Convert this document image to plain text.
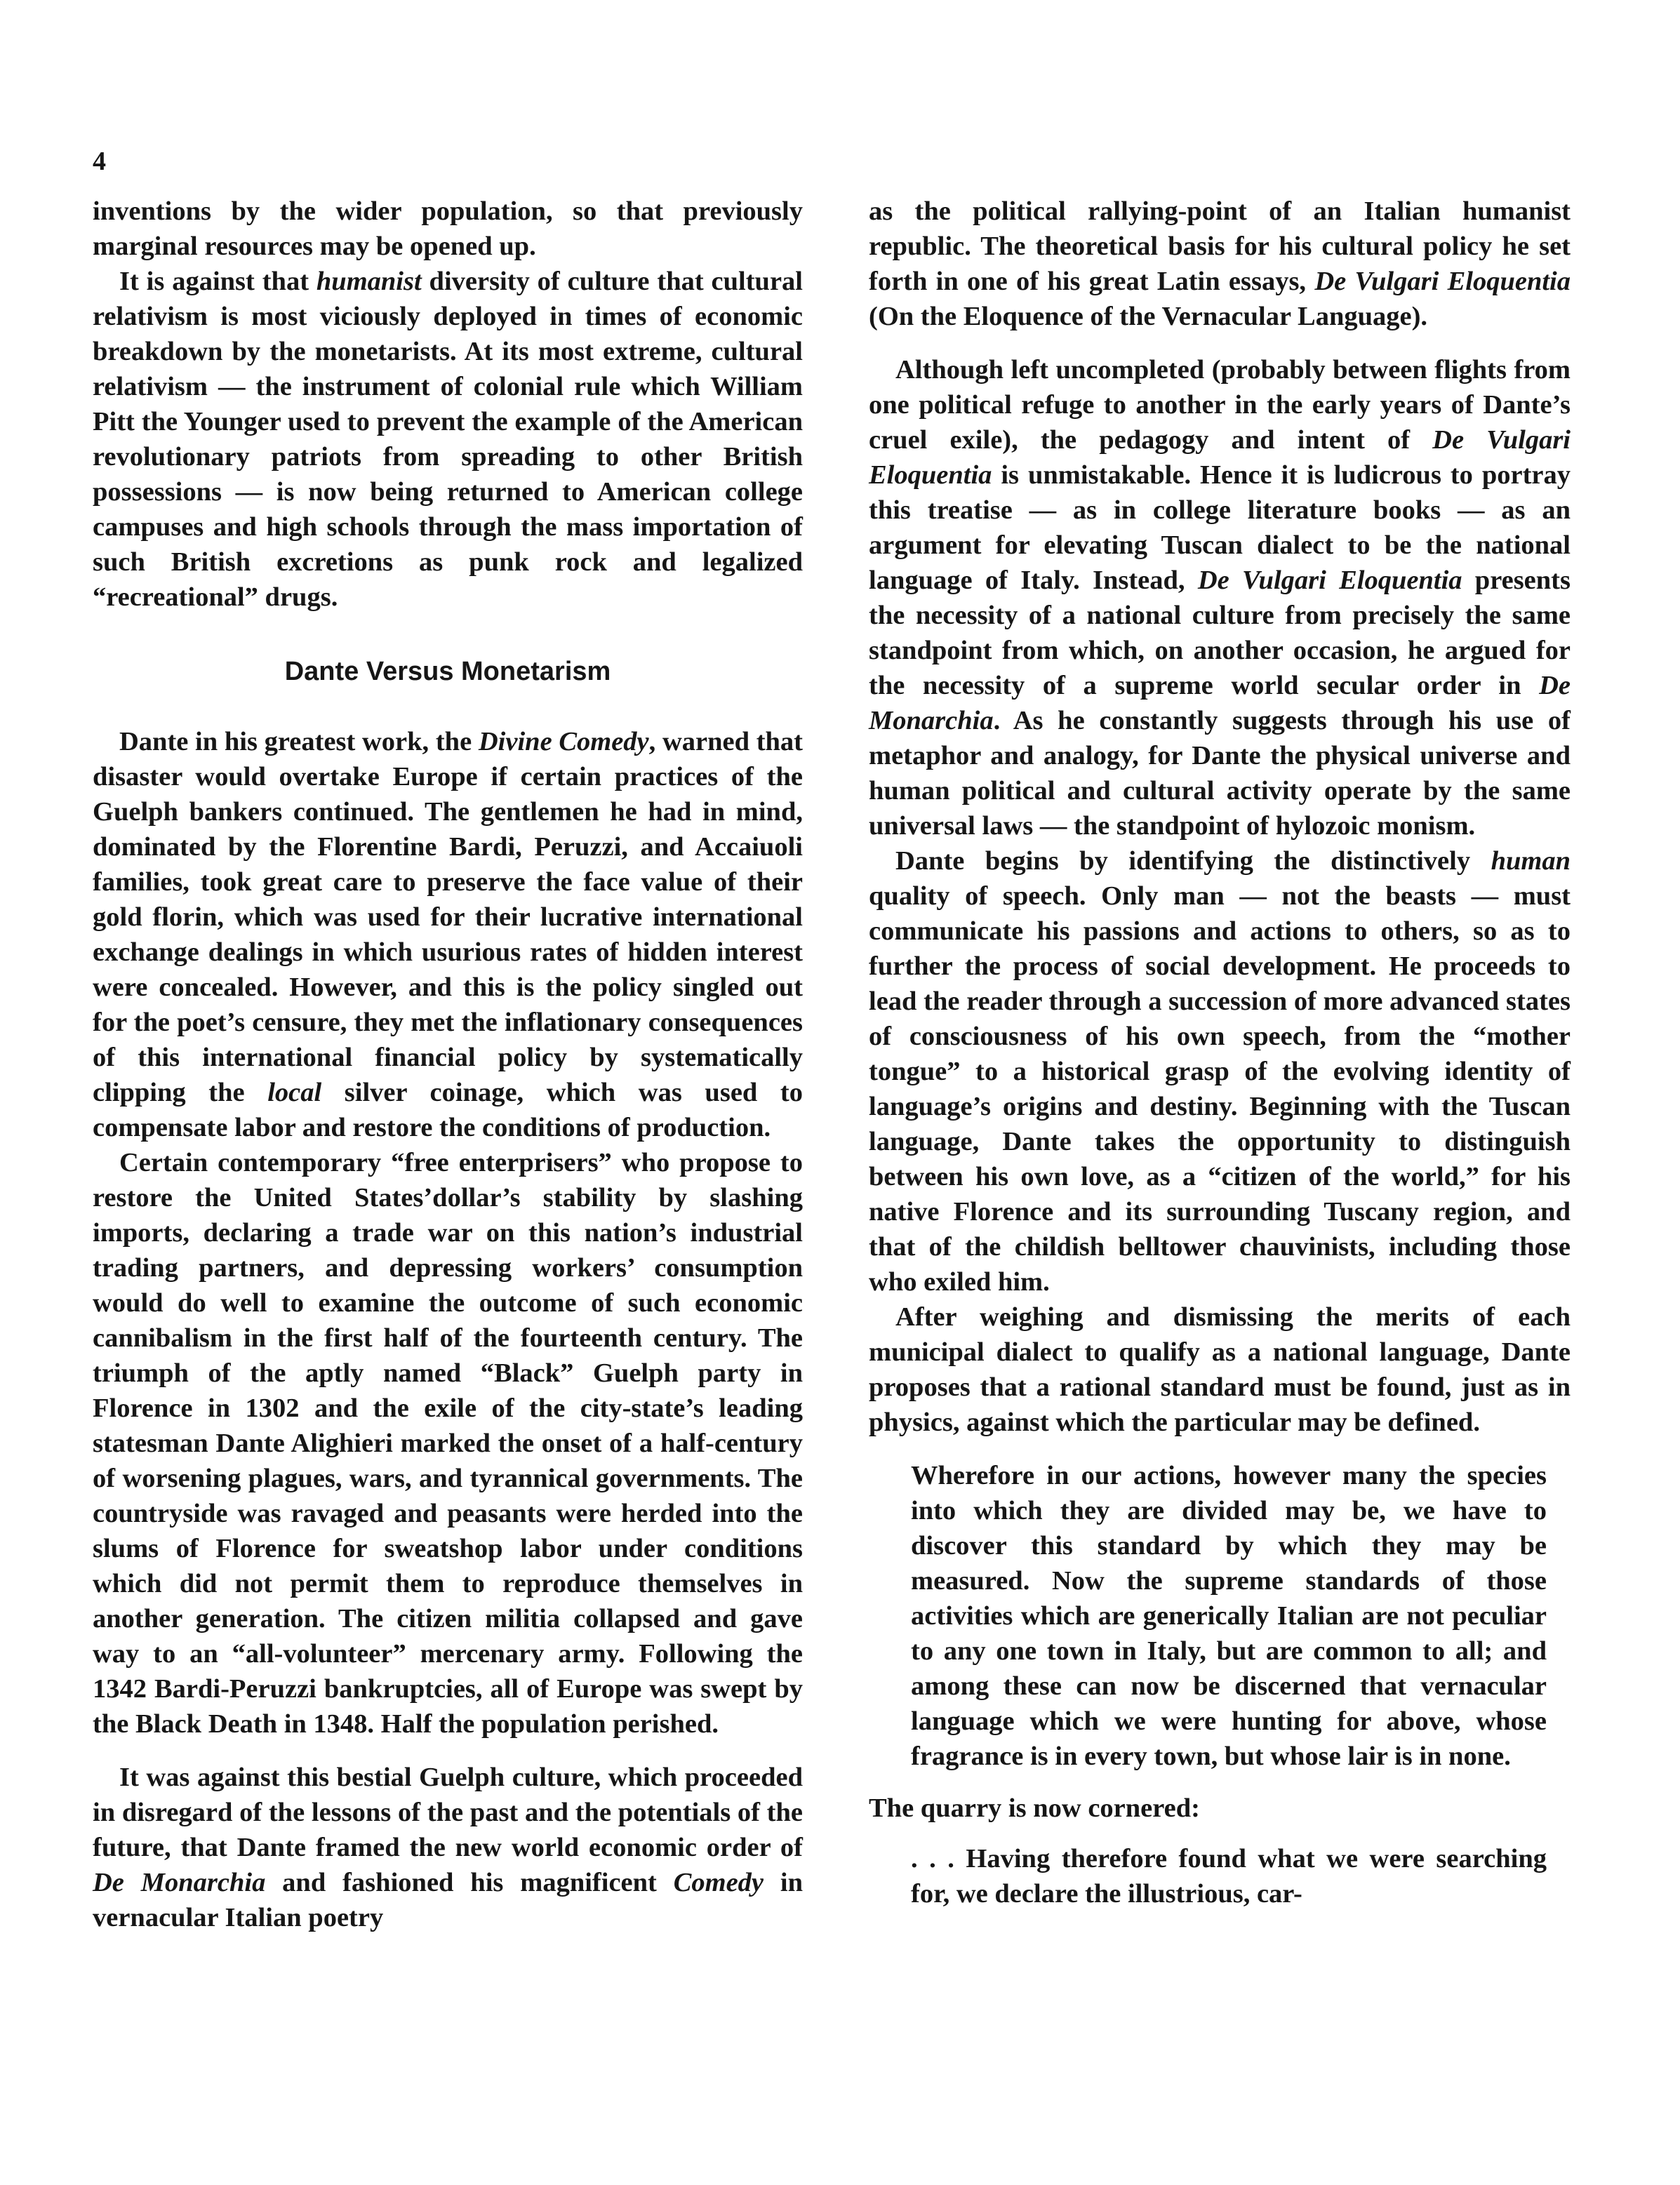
4

inventions by the wider population, so that previously marginal resources may be opened up.

It is against that humanist diversity of culture that cultural relativism is most viciously deployed in times of economic breakdown by the monetarists. At its most extreme, cultural relativism — the instrument of colonial rule which William Pitt the Younger used to prevent the example of the American revolutionary patriots from spreading to other British possessions — is now being returned to American college campuses and high schools through the mass importation of such British excretions as punk rock and legalized “recreational” drugs.

Dante Versus Monetarism

Dante in his greatest work, the Divine Comedy, warned that disaster would overtake Europe if certain practices of the Guelph bankers continued. The gentlemen he had in mind, dominated by the Florentine Bardi, Peruzzi, and Accaiuoli families, took great care to preserve the face value of their gold florin, which was used for their lucrative international exchange dealings in which usurious rates of hidden interest were concealed. However, and this is the policy singled out for the poet’s censure, they met the inflationary consequences of this international financial policy by systematically clipping the local silver coinage, which was used to compensate labor and restore the conditions of production.

Certain contemporary “free enterprisers” who propose to restore the United States’dollar’s stability by slashing imports, declaring a trade war on this nation’s industrial trading partners, and depressing workers’ consumption would do well to examine the outcome of such economic cannibalism in the first half of the fourteenth century. The triumph of the aptly named “Black” Guelph party in Florence in 1302 and the exile of the city-state’s leading statesman Dante Alighieri marked the onset of a half-century of worsening plagues, wars, and tyrannical governments. The countryside was ravaged and peasants were herded into the slums of Florence for sweatshop labor under conditions which did not permit them to reproduce themselves in another generation. The citizen militia collapsed and gave way to an “all-volunteer” mercenary army. Following the 1342 Bardi-Peruzzi bankruptcies, all of Europe was swept by the Black Death in 1348. Half the population perished.

It was against this bestial Guelph culture, which proceeded in disregard of the lessons of the past and the potentials of the future, that Dante framed the new world economic order of De Monarchia and fashioned his magnificent Comedy in vernacular Italian poetry

as the political rallying-point of an Italian humanist republic. The theoretical basis for his cultural policy he set forth in one of his great Latin essays, De Vulgari Eloquentia (On the Eloquence of the Vernacular Language).

Although left uncompleted (probably between flights from one political refuge to another in the early years of Dante’s cruel exile), the pedagogy and intent of De Vulgari Eloquentia is unmistakable. Hence it is ludicrous to portray this treatise — as in college literature books — as an argument for elevating Tuscan dialect to be the national language of Italy. Instead, De Vulgari Eloquentia presents the necessity of a national culture from precisely the same standpoint from which, on another occasion, he argued for the necessity of a supreme world secular order in De Monarchia. As he constantly suggests through his use of metaphor and analogy, for Dante the physical universe and human political and cultural activity operate by the same universal laws — the standpoint of hylozoic monism.

Dante begins by identifying the distinctively human quality of speech. Only man — not the beasts — must communicate his passions and actions to others, so as to further the process of social development. He proceeds to lead the reader through a succession of more advanced states of consciousness of his own speech, from the “mother tongue” to a historical grasp of the evolving identity of language’s origins and destiny. Beginning with the Tuscan language, Dante takes the opportunity to distinguish between his own love, as a “citizen of the world,” for his native Florence and its surrounding Tuscany region, and that of the childish belltower chauvinists, including those who exiled him.

After weighing and dismissing the merits of each municipal dialect to qualify as a national language, Dante proposes that a rational standard must be found, just as in physics, against which the particular may be defined.

Wherefore in our actions, however many the species into which they are divided may be, we have to discover this standard by which they may be measured. Now the supreme standards of those activities which are generically Italian are not peculiar to any one town in Italy, but are common to all; and among these can now be discerned that vernacular language which we were hunting for above, whose fragrance is in every town, but whose lair is in none.

The quarry is now cornered:

. . . Having therefore found what we were searching for, we declare the illustrious, car-
